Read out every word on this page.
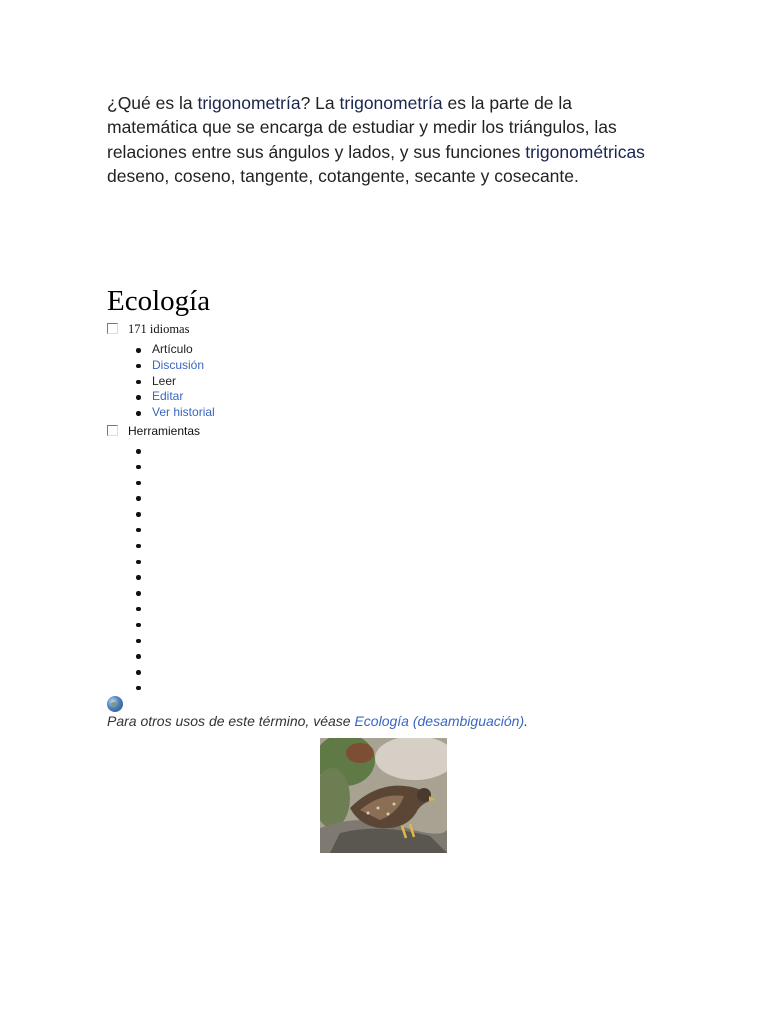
¿Qué es la trigonometría? La trigonometría es la parte de la matemática que se encarga de estudiar y medir los triángulos, las relaciones entre sus ángulos y lados, y sus funciones trigonométricas deseno, coseno, tangente, cotangente, secante y cosecante.

Ecología
171 idiomas
Artículo
Discusión
Leer
Editar
Ver historial
Herramientas
Para otros usos de este término, véase Ecología (desambiguación).
